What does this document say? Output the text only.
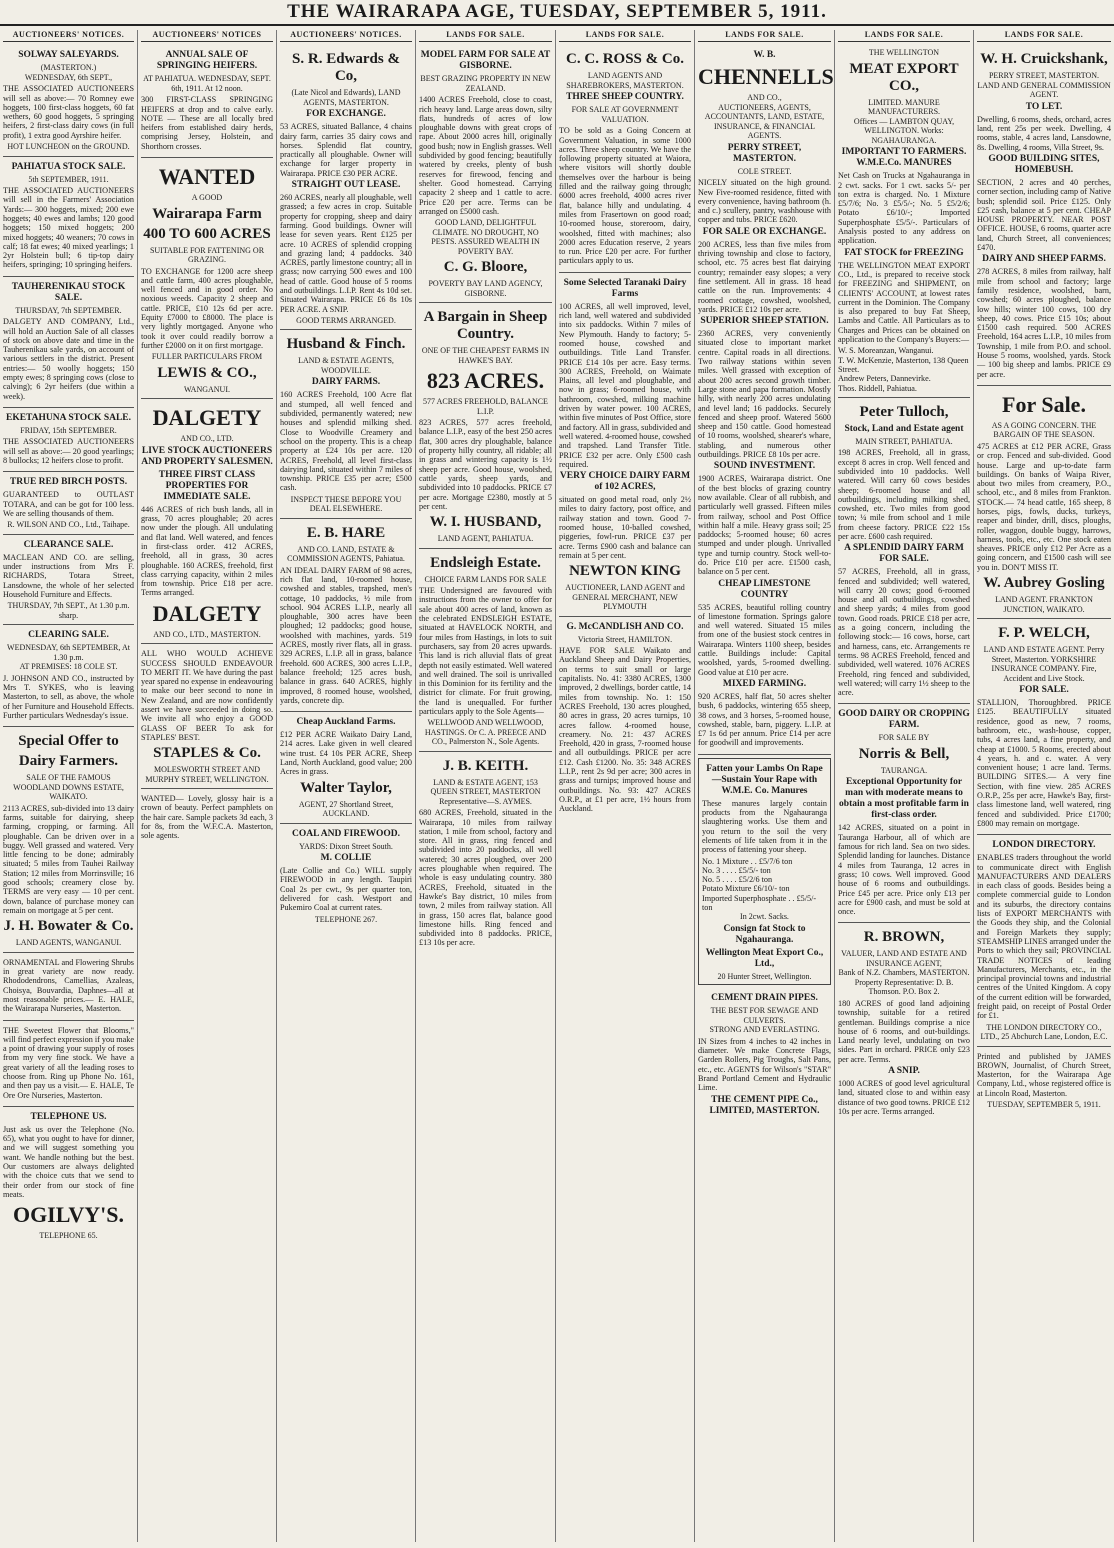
THE WAIRARAPA AGE, TUESDAY, SEPTEMBER 5, 1911.
AUCTIONEERS' NOTICES.
SOLWAY SALEYARDS.
(MASTERTON.)
WEDNESDAY, 6th SEPT.,

THE ASSOCIATED AUCTIONEERS will sell as above:— 70 Romney ewe hoggets, 100 first-class hoggets, 60 fat wethers, 60 good hoggets, 5 springing heifers, 2 first-class dairy cows (in full profit), 1 extra good Ayrshire heifer.

HOT LUNCHEON on the GROUND.
PAHIATUA STOCK SALE.
5th SEPTEMBER, 1911.

THE ASSOCIATED AUCTIONEERS will sell in the Farmers' Association Yards:— 300 hoggets, mixed; 200 ewe hoggets; 40 ewes and lambs; 120 good hoggets; 150 mixed hoggets; 200 mixed hoggets; 40 weaners; 70 cows in calf; 18 fat ewes; 40 mixed yearlings; 1 2yr Holstein bull; 6 tip-top dairy heifers, springing; 10 springing heifers.

TAUHERENIKAU STOCK SALE.
THURSDAY, 7th SEPTEMBER.

DALGETY AND COMPANY, Ltd., will hold an Auction Sale of all classes of stock on above date and time in the Tauherenikau sale yards, on account of various settlers in the district. Present entries:— 50 woolly hoggets; 150 empty ewes; 8 springing cows (close to calving); 6 2yr heifers (due within a week).

EKETAHUNA STOCK SALE.
FRIDAY, 15th SEPTEMBER.

THE ASSOCIATED AUCTIONEERS will sell as above:— 20 good yearlings; 8 bullocks; 12 heifers close to profit.

TRUE RED BIRCH POSTS.

GUARANTEED to OUTLAST TOTARA, and can be got for 100 less. We are selling thousands of them.

R. WILSON AND CO., Ltd., Taihape.
CLEARANCE SALE.

MACLEAN AND CO. are selling, under instructions from Mrs F. RICHARDS, Totara Street, Lansdowne, the whole of her selected Household Furniture and Effects.

THURSDAY, 7th SEPT., At 1.30 p.m. sharp.
CLEARING SALE.
WEDNESDAY, 6th SEPTEMBER, At 1.30 p.m.
AT PREMISES: 18 COLE ST.

J. JOHNSON AND CO., instructed by Mrs T. SYKES, who is leaving Masterton, to sell, as above, the whole of her Furniture and Household Effects. Further particulars Wednesday's issue.

Special Offer to
Dairy Farmers.
SALE OF THE FAMOUS WOODLAND DOWNS ESTATE, WAIKATO.

2113 ACRES, sub-divided into 13 dairy farms, suitable for dairying, sheep farming, cropping, or farming. All ploughable. Can be driven over in a buggy. Well grassed and watered. Very little fencing to be done; admirably situated; 5 miles from Tauhei Railway Station; 12 miles from Morrinsville; 16 good schools; creamery close by. TERMS are very easy — 10 per cent. down, balance of purchase money can remain on mortgage at 5 per cent.

J. H. Bowater & Co.
LAND AGENTS, WANGANUI.

ORNAMENTAL and Flowering Shrubs in great variety are now ready. Rhododendrons, Camellias, Azaleas, Choisya, Bouvardia, Daphnes—all at most reasonable prices.— E. HALE, the Wairarapa Nurseries, Masterton.

THE Sweetest Flower that Blooms," will find perfect expression if you make a point of drawing your supply of roses from my very fine stock. We have a great variety of all the leading roses to choose from. Ring up Phone No. 161, and then pay us a visit.— E. HALE, Te Ore Ore Nurseries, Masterton.

TELEPHONE US.

Just ask us over the Telephone (No. 65), what you ought to have for dinner, and we will suggest something you want. We handle nothing but the best. Our customers are always delighted with the choice cuts that we send to their order from our stock of fine meats.

OGILVY'S.
TELEPHONE 65.
AUCTIONEERS' NOTICES
ANNUAL SALE OF SPRINGING HEIFERS.
AT PAHIATUA. WEDNESDAY, SEPT. 6th, 1911. At 12 noon.

300 FIRST-CLASS SPRINGING HEIFERS at drop and to calve early. NOTE — These are all locally bred heifers from established dairy herds, comprising Jersey, Holstein, and Shorthorn crosses.

WANTED
A GOOD
Wairarapa Farm
400 TO 600 ACRES
SUITABLE FOR FATTENING OR GRAZING.

TO EXCHANGE for 1200 acre sheep and cattle farm, 400 acres ploughable, well fenced and in good order. No noxious weeds. Capacity 2 sheep and cattle. PRICE, £10 12s 6d per acre. Equity £7000 to £8000. The place is very lightly mortgaged. Anyone who took it over could readily borrow a further £2000 on it on first mortgage.

FULLER PARTICULARS FROM
LEWIS & CO.,
WANGANUI.
DALGETY
AND CO., LTD.
LIVE STOCK AUCTIONEERS AND PROPERTY SALESMEN.
THREE FIRST CLASS PROPERTIES FOR IMMEDIATE SALE.

446 ACRES of rich bush lands, all in grass, 70 acres ploughable; 20 acres now under the plough. All undulating and flat land. Well watered, and fences in first-class order. 412 ACRES, freehold, all in grass, 30 acres ploughable. 160 ACRES, freehold, first class carrying capacity, within 2 miles from township. Price £18 per acre. Terms arranged.

DALGETY
AND CO., LTD., MASTERTON.

ALL WHO WOULD ACHIEVE SUCCESS SHOULD ENDEAVOUR TO MERIT IT. We have during the past year spared no expense in endeavouring to make our beer second to none in New Zealand, and are now confidently assert we have succeeded in doing so. We invite all who enjoy a GOOD GLASS OF BEER To ask for STAPLES' BEST.

STAPLES & Co.
MOLESWORTH STREET AND MURPHY STREET, WELLINGTON.

WANTED— Lovely, glossy hair is a crown of beauty. Perfect pamphlets on the hair care. Sample packets 3d each, 3 for 8s, from the W.F.C.A. Masterton, sole agents.

AUCTIONEERS' NOTICES.
S. R. Edwards & Co,
(Late Nicol and Edwards), LAND AGENTS, MASTERTON.
FOR EXCHANGE.

53 ACRES, situated Ballance, 4 chains dairy farm, carries 35 dairy cows and horses. Splendid flat country, practically all ploughable. Owner will exchange for larger property in Wairarapa. PRICE £30 PER ACRE.

STRAIGHT OUT LEASE.

260 ACRES, nearly all ploughable, well grassed; a few acres in crop. Suitable property for cropping, sheep and dairy farming. Good buildings. Owner will lease for seven years. Rent £125 per acre. 10 ACRES of splendid cropping and grazing land; 4 paddocks. 340 ACRES, partly limestone country; all in grass; now carrying 500 ewes and 100 head of cattle. Good house of 5 rooms and outbuildings. L.I.P. Rent 4s 10d set. Situated Wairarapa. PRICE £6 8s 10s PER ACRE. A SNIP.

GOOD TERMS ARRANGED.
Husband & Finch.
LAND & ESTATE AGENTS, WOODVILLE.
DAIRY FARMS.

160 ACRES Freehold, 100 Acre flat and stumped, all well fenced and subdivided, permanently watered; new houses and splendid milking shed. Close to Woodville Creamery and school on the property. This is a cheap property at £24 10s per acre. 120 ACRES, Freehold, all level first-class dairying land, situated within 7 miles of township. PRICE £35 per acre; £500 cash.

INSPECT THESE BEFORE YOU DEAL ELSEWHERE.
E. B. HARE
AND CO. LAND, ESTATE & COMMISSION AGENTS, Pahiatua.

AN IDEAL DAIRY FARM of 98 acres, rich flat land, 10-roomed house, cowshed and stables, trapshed, men's cottage, 10 paddocks, ½ mile from school. 904 ACRES L.I.P., nearly all ploughable, 300 acres have been ploughed; 12 paddocks; good house, woolshed with machines, yards. 519 ACRES, mostly river flats, all in grass. 329 ACRES, L.I.P. all in grass, balance freehold. 600 ACRES, 300 acres L.I.P., balance freehold; 125 acres bush, balance in grass. 640 ACRES, highly improved, 8 roomed house, woolshed, yards, concrete dip.

Cheap Auckland Farms.

£12 PER ACRE Waikato Dairy Land, 214 acres. Lake given in well cleared wine trust. £4 10s PER ACRE, Sheep Land, North Auckland, good value; 200 Acres in grass.

Walter Taylor,
AGENT, 27 Shortland Street, AUCKLAND.
COAL AND FIREWOOD.
YARDS: Dixon Street South.
M. COLLIE

(Late Collie and Co.) WILL supply FIREWOOD in any length. Taupiri Coal 2s per cwt., 9s per quarter ton, delivered for cash. Westport and Pukemiro Coal at current rates.

TELEPHONE 267.
LANDS FOR SALE.
MODEL FARM FOR SALE AT GISBORNE.
BEST GRAZING PROPERTY IN NEW ZEALAND.

1400 ACRES Freehold, close to coast, rich heavy land. Large areas down, silty flats, hundreds of acres of low ploughable downs with great crops of rape. About 2000 acres hill, originally good bush; now in English grasses. Well subdivided by good fencing; beautifully watered by creeks, plenty of bush reserves for firewood, fencing and shelter. Good homestead. Carrying capacity 2 sheep and 1 cattle to acre. Price £20 per acre. Terms can be arranged on £5000 cash.

GOOD LAND, DELIGHTFUL CLIMATE. NO DROUGHT, NO PESTS. ASSURED WEALTH IN POVERTY BAY.
C. G. Bloore,
POVERTY BAY LAND AGENCY, GISBORNE.
A Bargain in Sheep Country.
ONE OF THE CHEAPEST FARMS IN HAWKE'S BAY.
823 ACRES.
577 ACRES FREEHOLD, BALANCE L.I.P.

823 ACRES, 577 acres freehold, balance L.I.P., easy of the best 250 acres flat, 300 acres dry ploughable, balance of property hilly country, all ridable; all in grass and wintering capacity is 1½ sheep per acre. Good house, woolshed, cattle yards, sheep yards, and subdivided into 10 paddocks. PRICE £7 per acre. Mortgage £2380, mostly at 5 per cent.

W. I. HUSBAND,
LAND AGENT, PAHIATUA.
Endsleigh Estate.
CHOICE FARM LANDS FOR SALE

THE Undersigned are favoured with instructions from the owner to offer for sale about 400 acres of land, known as the celebrated ENDSLEIGH ESTATE, situated at HAVELOCK NORTH, and four miles from Hastings, in lots to suit purchasers, say from 20 acres upwards. This land is rich alluvial flats of great depth not easily estimated. Well watered and well drained. The soil is unrivalled in this Dominion for its fertility and the district for climate. For fruit growing, the land is unequalled. For further particulars apply to the Sole Agents—

WELLWOOD AND WELLWOOD, HASTINGS. Or C. A. PREECE AND CO., Palmerston N., Sole Agents.
J. B. KEITH.
LAND & ESTATE AGENT, 153 QUEEN STREET, MASTERTON
Representative—S. AYMES.

680 ACRES, Freehold, situated in the Wairarapa, 10 miles from railway station, 1 mile from school, factory and store. All in grass, ring fenced and subdivided into 20 paddocks, all well watered; 30 acres ploughed, over 200 acres ploughable when required. The whole is easy undulating country. 380 ACRES, Freehold, situated in the Hawke's Bay district, 10 miles from town, 2 miles from railway station. All in grass, 150 acres flat, balance good limestone hills. Ring fenced and subdivided into 8 paddocks. PRICE, £13 10s per acre.

LANDS FOR SALE.
C. C. ROSS & Co.
LAND AGENTS AND SHAREBROKERS, MASTERTON.
THREE SHEEP COUNTRY.
FOR SALE AT GOVERNMENT VALUATION.

TO be sold as a Going Concern at Government Valuation, in some 1000 acres. Three sheep country. We have the following property situated at Waiora, where visitors will shortly double themselves over the harbour is being filled and the railway going through; 6000 acres freehold, 4000 acres river flat, balance hilly and undulating. 4 miles from Frasertown on good road; 10-roomed house, storeroom, dairy, woolshed, fitted with machines; also 2000 acres Education reserve, 2 years to run. Price £20 per acre. For further particulars apply to us.

Some Selected Taranaki Dairy Farms

100 ACRES, all well improved, level, rich land, well watered and subdivided into six paddocks. Within 7 miles of New Plymouth. Handy to factory; 5-roomed house, cowshed and outbuildings. Title Land Transfer. PRICE £14 10s per acre. Easy terms. 300 ACRES, Freehold, on Waimate Plains, all level and ploughable, and now in grass; 6-roomed house, with bathroom, cowshed, milking machine driven by water power. 100 ACRES, within five minutes of Post Office, store and factory. All in grass, subdivided and well watered. 4-roomed house, cowshed and trapshed. Land Transfer Title. PRICE £32 per acre. Only £500 cash required.

VERY CHOICE DAIRY FARM of 102 ACRES,

situated on good metal road, only 2½ miles to dairy factory, post office, and railway station and town. Good 7-roomed house, 10-balled cowshed, piggeries, fowl-run. PRICE £37 per acre. Terms £900 cash and balance can remain at 5 per cent.

NEWTON KING
AUCTIONEER, LAND AGENT and GENERAL MERCHANT, NEW PLYMOUTH
G. McCANDLISH AND CO.
Victoria Street, HAMILTON.

HAVE FOR SALE Waikato and Auckland Sheep and Dairy Properties, on terms to suit small or large capitalists. No. 41: 3380 ACRES, 1300 improved, 2 dwellings, border cattle, 14 miles from township. No. 1: 150 ACRES Freehold, 130 acres ploughed, 80 acres in grass, 20 acres turnips, 10 acres fallow. 4-roomed house, creamery. No. 21: 437 ACRES Freehold, 420 in grass, 7-roomed house and all outbuildings. PRICE per acre £12. Cash £1200. No. 35: 348 ACRES L.I.P., rent 2s 9d per acre; 300 acres in grass and turnips; improved house and outbuildings. No. 93: 427 ACRES O.R.P., at £1 per acre, 1½ hours from Auckland.

LANDS FOR SALE.
W. B.
CHENNELLS
AND CO.,
AUCTIONEERS, AGENTS, ACCOUNTANTS, LAND, ESTATE, INSURANCE, & FINANCIAL AGENTS.
PERRY STREET, MASTERTON.
COLE STREET.

NICELY situated on the high ground. New Five-roomed residence, fitted with every convenience, having bathroom (h. and c.) scullery, pantry, washhouse with copper and tubs. PRICE £620.

FOR SALE OR EXCHANGE.

200 ACRES, less than five miles from thriving township and close to factory, school, etc. 75 acres best flat dairying country; remainder easy slopes; a very fine settlement. All in grass. 18 head cattle on the run. Improvements: 4 roomed cottage, cowshed, woolshed, yards. PRICE £12 10s per acre.

SUPERIOR SHEEP STATION.

2360 ACRES, very conveniently situated close to important market centre. Capital roads in all directions. Two railway stations within seven miles. Well grassed with exception of about 200 acres second growth timber. Large stone and papa formation. Mostly hilly, with nearly 200 acres undulating and level land; 16 paddocks. Securely fenced and sheep proof. Watered 5600 sheep and 150 cattle. Good homestead of 10 rooms, woolshed, shearer's whare, stabling, and numerous other outbuildings. PRICE £8 10s per acre.

SOUND INVESTMENT.

1900 ACRES, Wairarapa district. One of the best blocks of grazing country now available. Clear of all rubbish, and particularly well grassed. Fifteen miles from railway, school and Post Office within half a mile. Heavy grass soil; 25 paddocks; 5-roomed house; 60 acres stumped and under plough. Unrivalled type and turnip country. Stock well-to-do. Price £10 per acre. £1500 cash, balance on 5 per cent.

CHEAP LIMESTONE COUNTRY

535 ACRES, beautiful rolling country of limestone formation. Springs galore and well watered. Situated 15 miles from one of the busiest stock centres in Wairarapa. Winters 1100 sheep, besides cattle. Buildings include: Capital woolshed, yards, 5-roomed dwelling. Good value at £10 per acre.

MIXED FARMING.

920 ACRES, half flat, 50 acres shelter bush, 6 paddocks, wintering 655 sheep, 38 cows, and 3 horses, 5-roomed house, cowshed, stable, barn, piggery. L.I.P. at £7 1s 6d per annum. Price £14 per acre for goodwill and improvements.

Fatten your Lambs On Rape—Sustain Your Rape with W.M.E. Co. Manures

These manures largely contain products from the Ngahauranga slaughtering works. Use them and you return to the soil the very elements of life taken from it in the process of fattening your sheep.

No. 1 Mixture . . £5/7/6 ton
No. 3 . . . . £5/5/- ton
No. 5 . . . . £5/2/6 ton
Potato Mixture £6/10/- ton
Imported Superphosphate . . £5/5/- ton
In 2cwt. Sacks.
Consign fat Stock to Ngahauranga.
Wellington Meat Export Co., Ltd.,
20 Hunter Street, Wellington.
CEMENT DRAIN PIPES.
THE BEST FOR SEWAGE AND CULVERTS.
STRONG AND EVERLASTING.

IN Sizes from 4 inches to 42 inches in diameter. We make Concrete Flags, Garden Rollers, Pig Troughs, Salt Pans, etc., etc. AGENTS for Wilson's "STAR" Brand Portland Cement and Hydraulic Lime.

THE CEMENT PIPE Co., LIMITED, MASTERTON.
LANDS FOR SALE.
THE WELLINGTON
MEAT EXPORT CO.,
LIMITED. MANURE MANUFACTURERS.
Offices — LAMBTON QUAY, WELLINGTON. Works: NGAHAURANGA.
IMPORTANT TO FARMERS. W.M.E.Co. MANURES

Net Cash on Trucks at Ngahauranga in 2 cwt. sacks. For 1 cwt. sacks 5/- per ton extra is charged. No. 1 Mixture £5/7/6; No. 3 £5/5/-; No. 5 £5/2/6; Potato £6/10/-; Imported Superphosphate £5/5/-. Particulars of Analysis posted to any address on application.

FAT STOCK for FREEZING

THE WELLINGTON MEAT EXPORT CO., Ltd., is prepared to receive stock for FREEZING and SHIPMENT, on CLIENTS' ACCOUNT, at lowest rates current in the Dominion. The Company is also prepared to buy Fat Sheep, Lambs and Cattle. All Particulars as to Charges and Prices can be obtained on application to the Company's Buyers:—

W. S. Moreanzan, Wanganui.
T. W. McKenzie, Masterton, 138 Queen Street.
Andrew Peters, Dannevirke.
Thos. Riddell, Pahiatua.
Peter Tulloch,
Stock, Land and Estate agent
MAIN STREET, PAHIATUA.

198 ACRES, Freehold, all in grass, except 8 acres in crop. Well fenced and subdivided into 10 paddocks. Well watered. Will carry 60 cows besides sheep; 6-roomed house and all outbuildings, including milking shed, cowshed, etc. Two miles from good town; ¼ mile from school and 1 mile from cheese factory. PRICE £22 15s per acre. £600 cash required.

A SPLENDID DAIRY FARM FOR SALE.

57 ACRES, Freehold, all in grass, fenced and subdivided; well watered, will carry 20 cows; good 6-roomed house and all outbuildings, cowshed and sheep yards; 4 miles from good town. Good roads. PRICE £18 per acre, as a going concern, including the following stock:— 16 cows, horse, cart and harness, cans, etc. Arrangements re terms. 98 ACRES Freehold, fenced and subdivided, well watered. 1076 ACRES Freehold, ring fenced and subdivided, well watered; will carry 1½ sheep to the acre.

GOOD DAIRY OR CROPPING FARM.
FOR SALE BY
Norris & Bell,
TAURANGA.
Exceptional Opportunity for man with moderate means to obtain a most profitable farm in first-class order.

142 ACRES, situated on a point in Tauranga Harbour, all of which are famous for rich land. Sea on two sides. Splendid landing for launches. Distance 4 miles from Tauranga, 12 acres in grass; 10 cows. Well improved. Good house of 6 rooms and outbuildings. Price £45 per acre. Price only £13 per acre for £900 cash, and must be sold at once.

R. BROWN,
VALUER, LAND AND ESTATE AND INSURANCE AGENT,
Bank of N.Z. Chambers, MASTERTON.
Property Representative: D. B. Thomson. P.O. Box 2.

180 ACRES of good land adjoining township, suitable for a retired gentleman. Buildings comprise a nice house of 6 rooms, and out-buildings. Land nearly level, undulating on two sides. Part in orchard. PRICE only £23 per acre. Terms.

A SNIP.

1000 ACRES of good level agricultural land, situated close to and within easy distance of two good towns. PRICE £12 10s per acre. Terms arranged.

LANDS FOR SALE.
W. H. Cruickshank,
PERRY STREET, MASTERTON. LAND AND GENERAL COMMISSION AGENT.
TO LET.

Dwelling, 6 rooms, sheds, orchard, acres land, rent 25s per week. Dwelling, 4 rooms, stable, 4 acres land, Lansdowne, 8s. Dwelling, 4 rooms, Villa Street, 9s.

GOOD BUILDING SITES, HOMEBUSH.

SECTION, 2 acres and 40 perches, corner section, including camp of Native bush; splendid soil. Price £125. Only £25 cash, balance at 5 per cent. CHEAP HOUSE PROPERTY. NEAR POST OFFICE. HOUSE, 6 rooms, quarter acre land, Church Street, all conveniences; £470.

DAIRY AND SHEEP FARMS.

278 ACRES, 8 miles from railway, half mile from school and factory; large family residence, woolshed, barn, cowshed; 60 acres ploughed, balance low hills; winter 100 cows, 100 dry sheep, 40 cows. Price £15 10s; about £1500 cash required. 500 ACRES Freehold, 164 acres L.I.P., 10 miles from Township, 1 mile from P.O. and school. House 5 rooms, woolshed, yards. Stock — 100 big sheep and lambs. PRICE £9 per acre.

For Sale.
AS A GOING CONCERN. THE BARGAIN OF THE SEASON.

475 ACRES at £12 PER ACRE, Grass or crop. Fenced and sub-divided. Good house. Large and up-to-date farm buildings. On banks of Waipa River, about two miles from creamery, P.O., school, etc., and 8 miles from Frankton. STOCK.— 74 head cattle, 165 sheep, 8 horses, pigs, fowls, ducks, turkeys, reaper and binder, drill, discs, ploughs, roller, waggon, double buggy, harrows, harness, tools, etc., etc. One stock eaten sheaves. PRICE only £12 Per Acre as a going concern, and £1500 cash will see you in. DON'T MISS IT.

W. Aubrey Gosling
LAND AGENT. FRANKTON JUNCTION, WAIKATO.
F. P. WELCH,
LAND AND ESTATE AGENT. Perry Street, Masterton. YORKSHIRE INSURANCE COMPANY. Fire, Accident and Live Stock.
FOR SALE.

STALLION, Thoroughbred. PRICE £125. BEAUTIFULLY situated residence, good as new, 7 rooms, bathroom, etc., wash-house, copper, tubs, 4 acres land, a fine property, and cheap at £1000. 5 Rooms, erected about 4 years, h. and c. water. A very convenient house; 1 acre land. Terms. BUILDING SITES.— A very fine Section, with fine view. 285 ACRES O.R.P., 25s per acre, Hawke's Bay, first-class limestone land, well watered, ring fenced and subdivided. Price £1700; £800 may remain on mortgage.

LONDON DIRECTORY.

ENABLES traders throughout the world to communicate direct with English MANUFACTURERS AND DEALERS in each class of goods. Besides being a complete commercial guide to London and its suburbs, the directory contains lists of EXPORT MERCHANTS with the Goods they ship, and the Colonial and Foreign Markets they supply; STEAMSHIP LINES arranged under the Ports to which they sail; PROVINCIAL TRADE NOTICES of leading Manufacturers, Merchants, etc., in the principal provincial towns and industrial centres of the United Kingdom. A copy of the current edition will be forwarded, freight paid, on receipt of Postal Order for £1.

THE LONDON DIRECTORY CO., LTD., 25 Abchurch Lane, London, E.C.

Printed and published by JAMES BROWN, Journalist, of Church Street, Masterton, for the Wairarapa Age Company, Ltd., whose registered office is at Lincoln Road, Masterton.

TUESDAY, SEPTEMBER 5, 1911.
